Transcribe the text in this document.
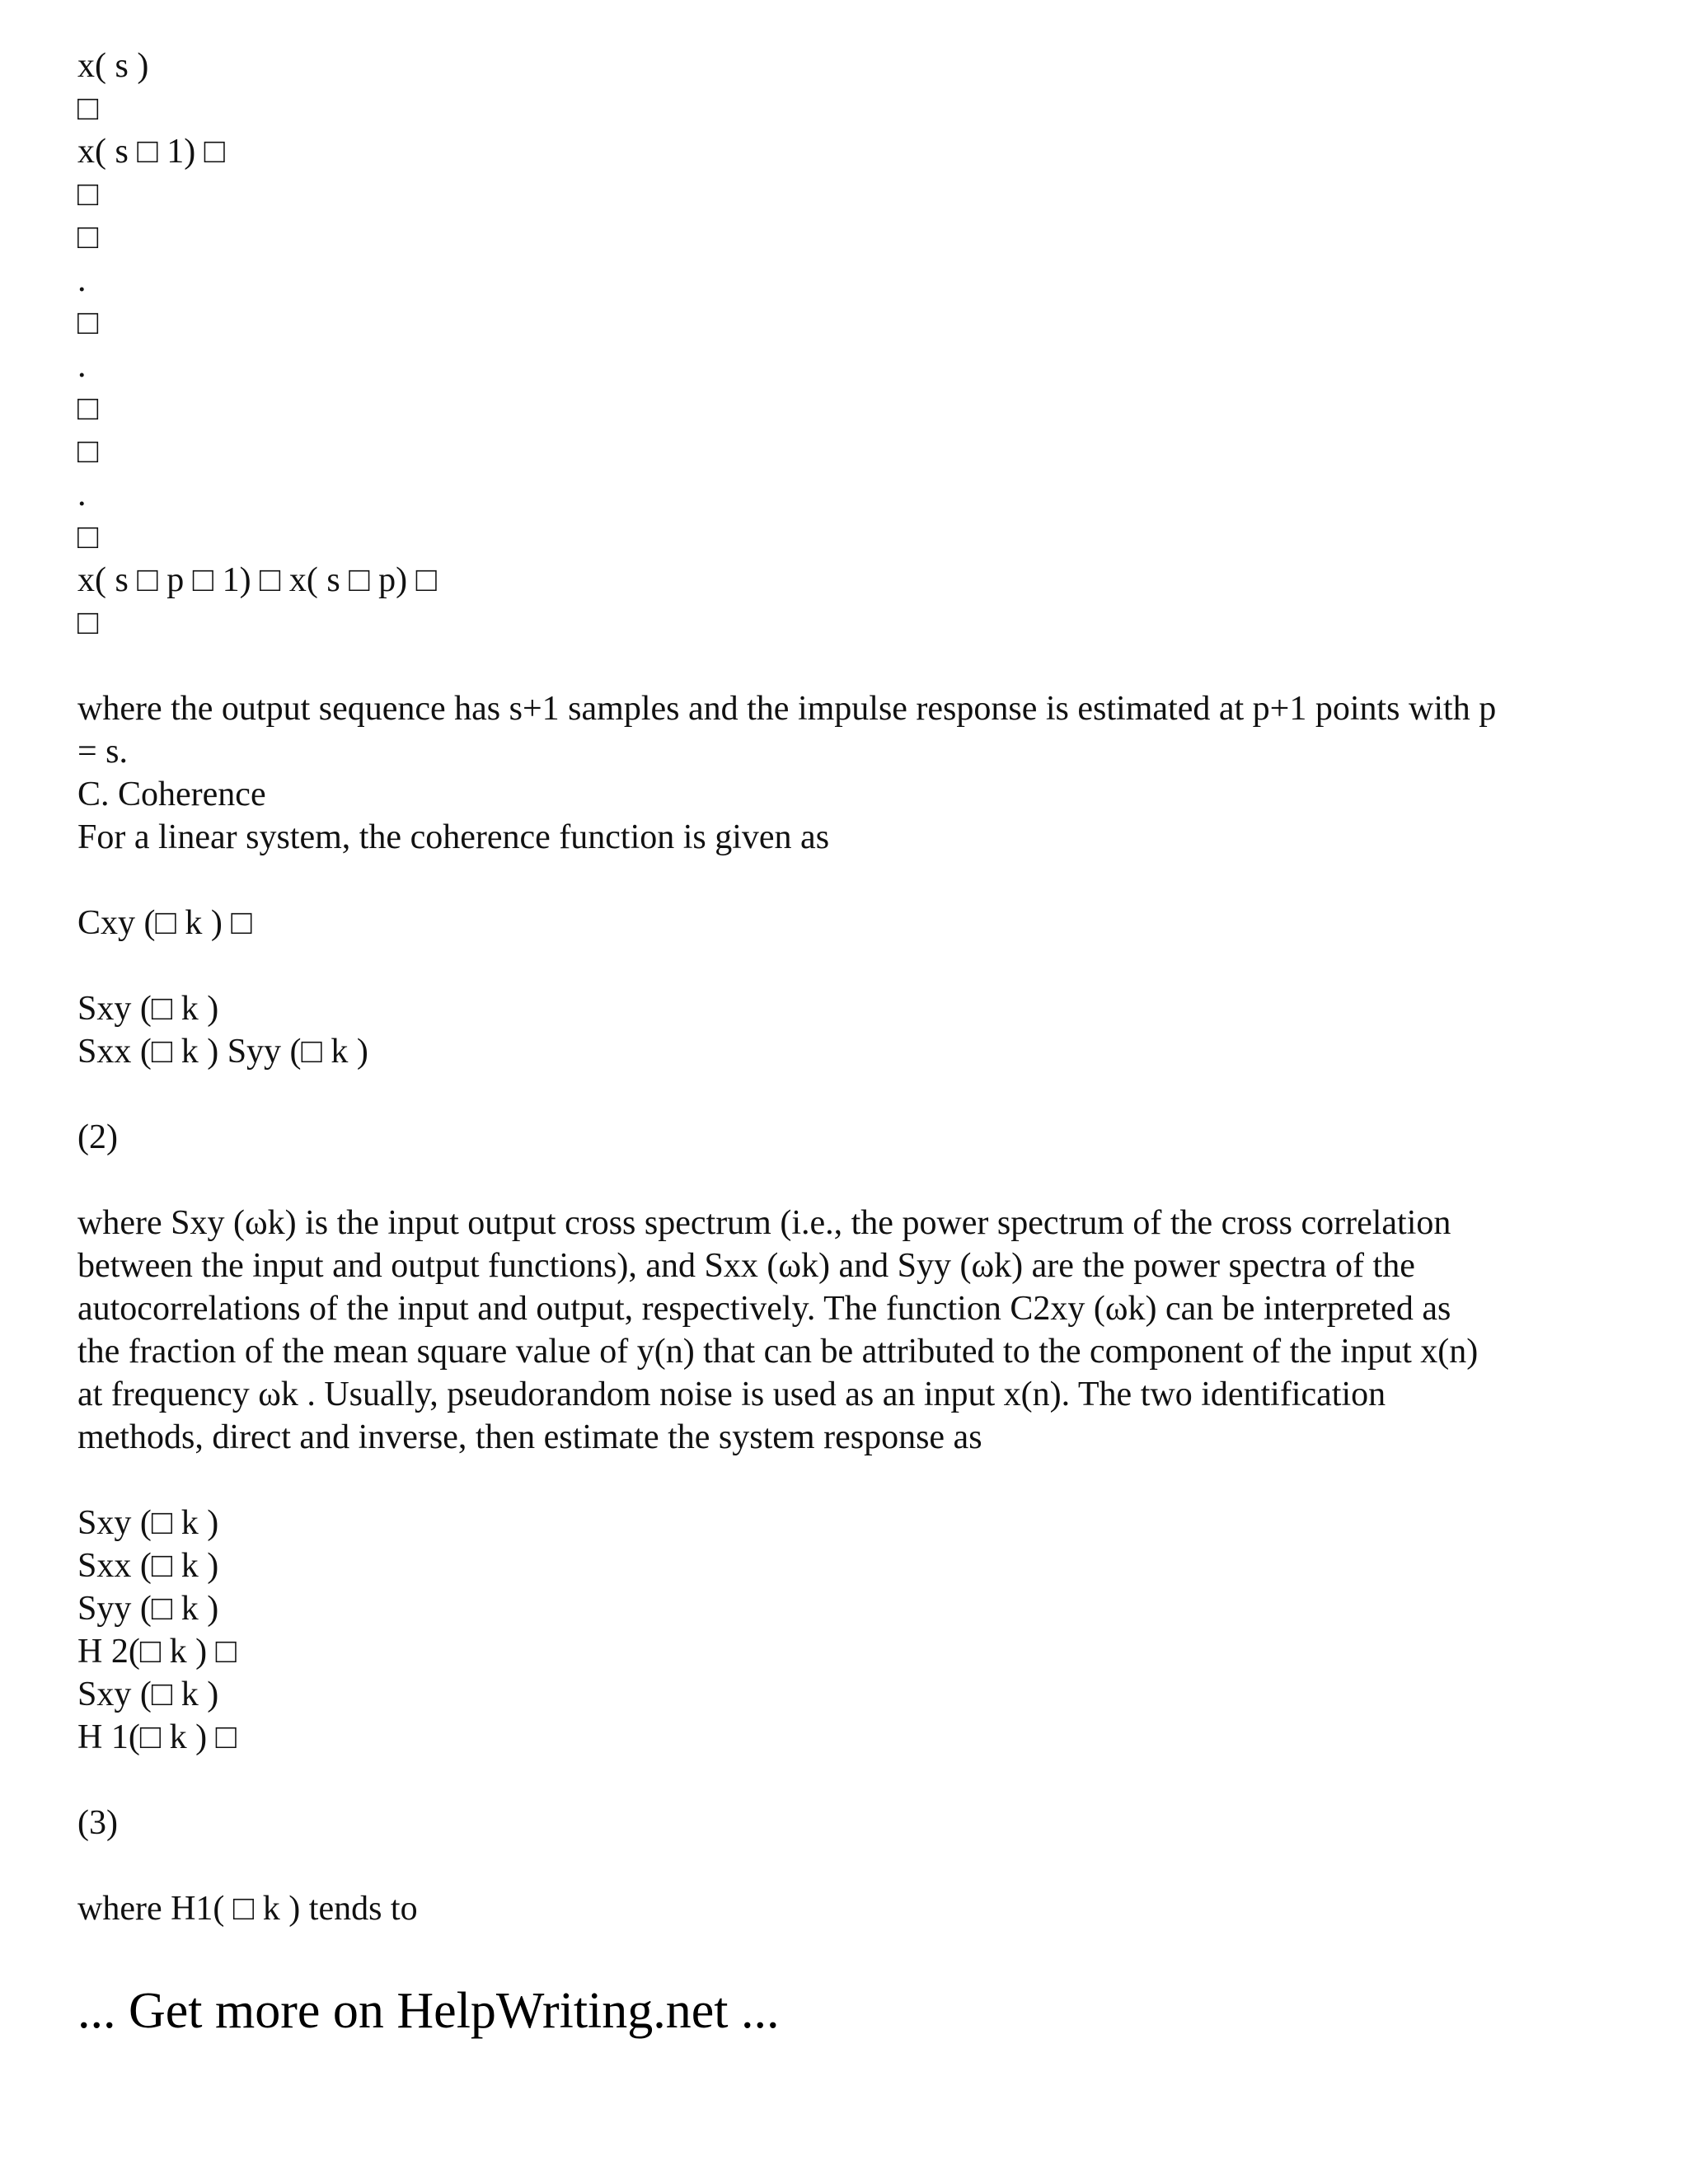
x( s )
□
x( s □ 1) □
□
□
.
□
.
□
□
.
□
x( s □ p □ 1) □ x( s □ p) □
□
where the output sequence has s+1 samples and the impulse response is estimated at p+1 points with p
= s.
C. Coherence
For a linear system, the coherence function is given as
Cxy (□ k ) □
Sxy (□ k )
Sxx (□ k ) Syy (□ k )
(2)
where Sxy (ωk) is the input output cross spectrum (i.e., the power spectrum of the cross correlation
between the input and output functions), and Sxx (ωk) and Syy (ωk) are the power spectra of the
autocorrelations of the input and output, respectively. The function C2xy (ωk) can be interpreted as
the fraction of the mean square value of y(n) that can be attributed to the component of the input x(n)
at frequency ωk . Usually, pseudorandom noise is used as an input x(n). The two identification
methods, direct and inverse, then estimate the system response as
Sxy (□ k )
Sxx (□ k )
Syy (□ k )
H 2(□ k ) □
Sxy (□ k )
H 1(□ k ) □
(3)
where H1( □ k ) tends to
... Get more on HelpWriting.net ...
